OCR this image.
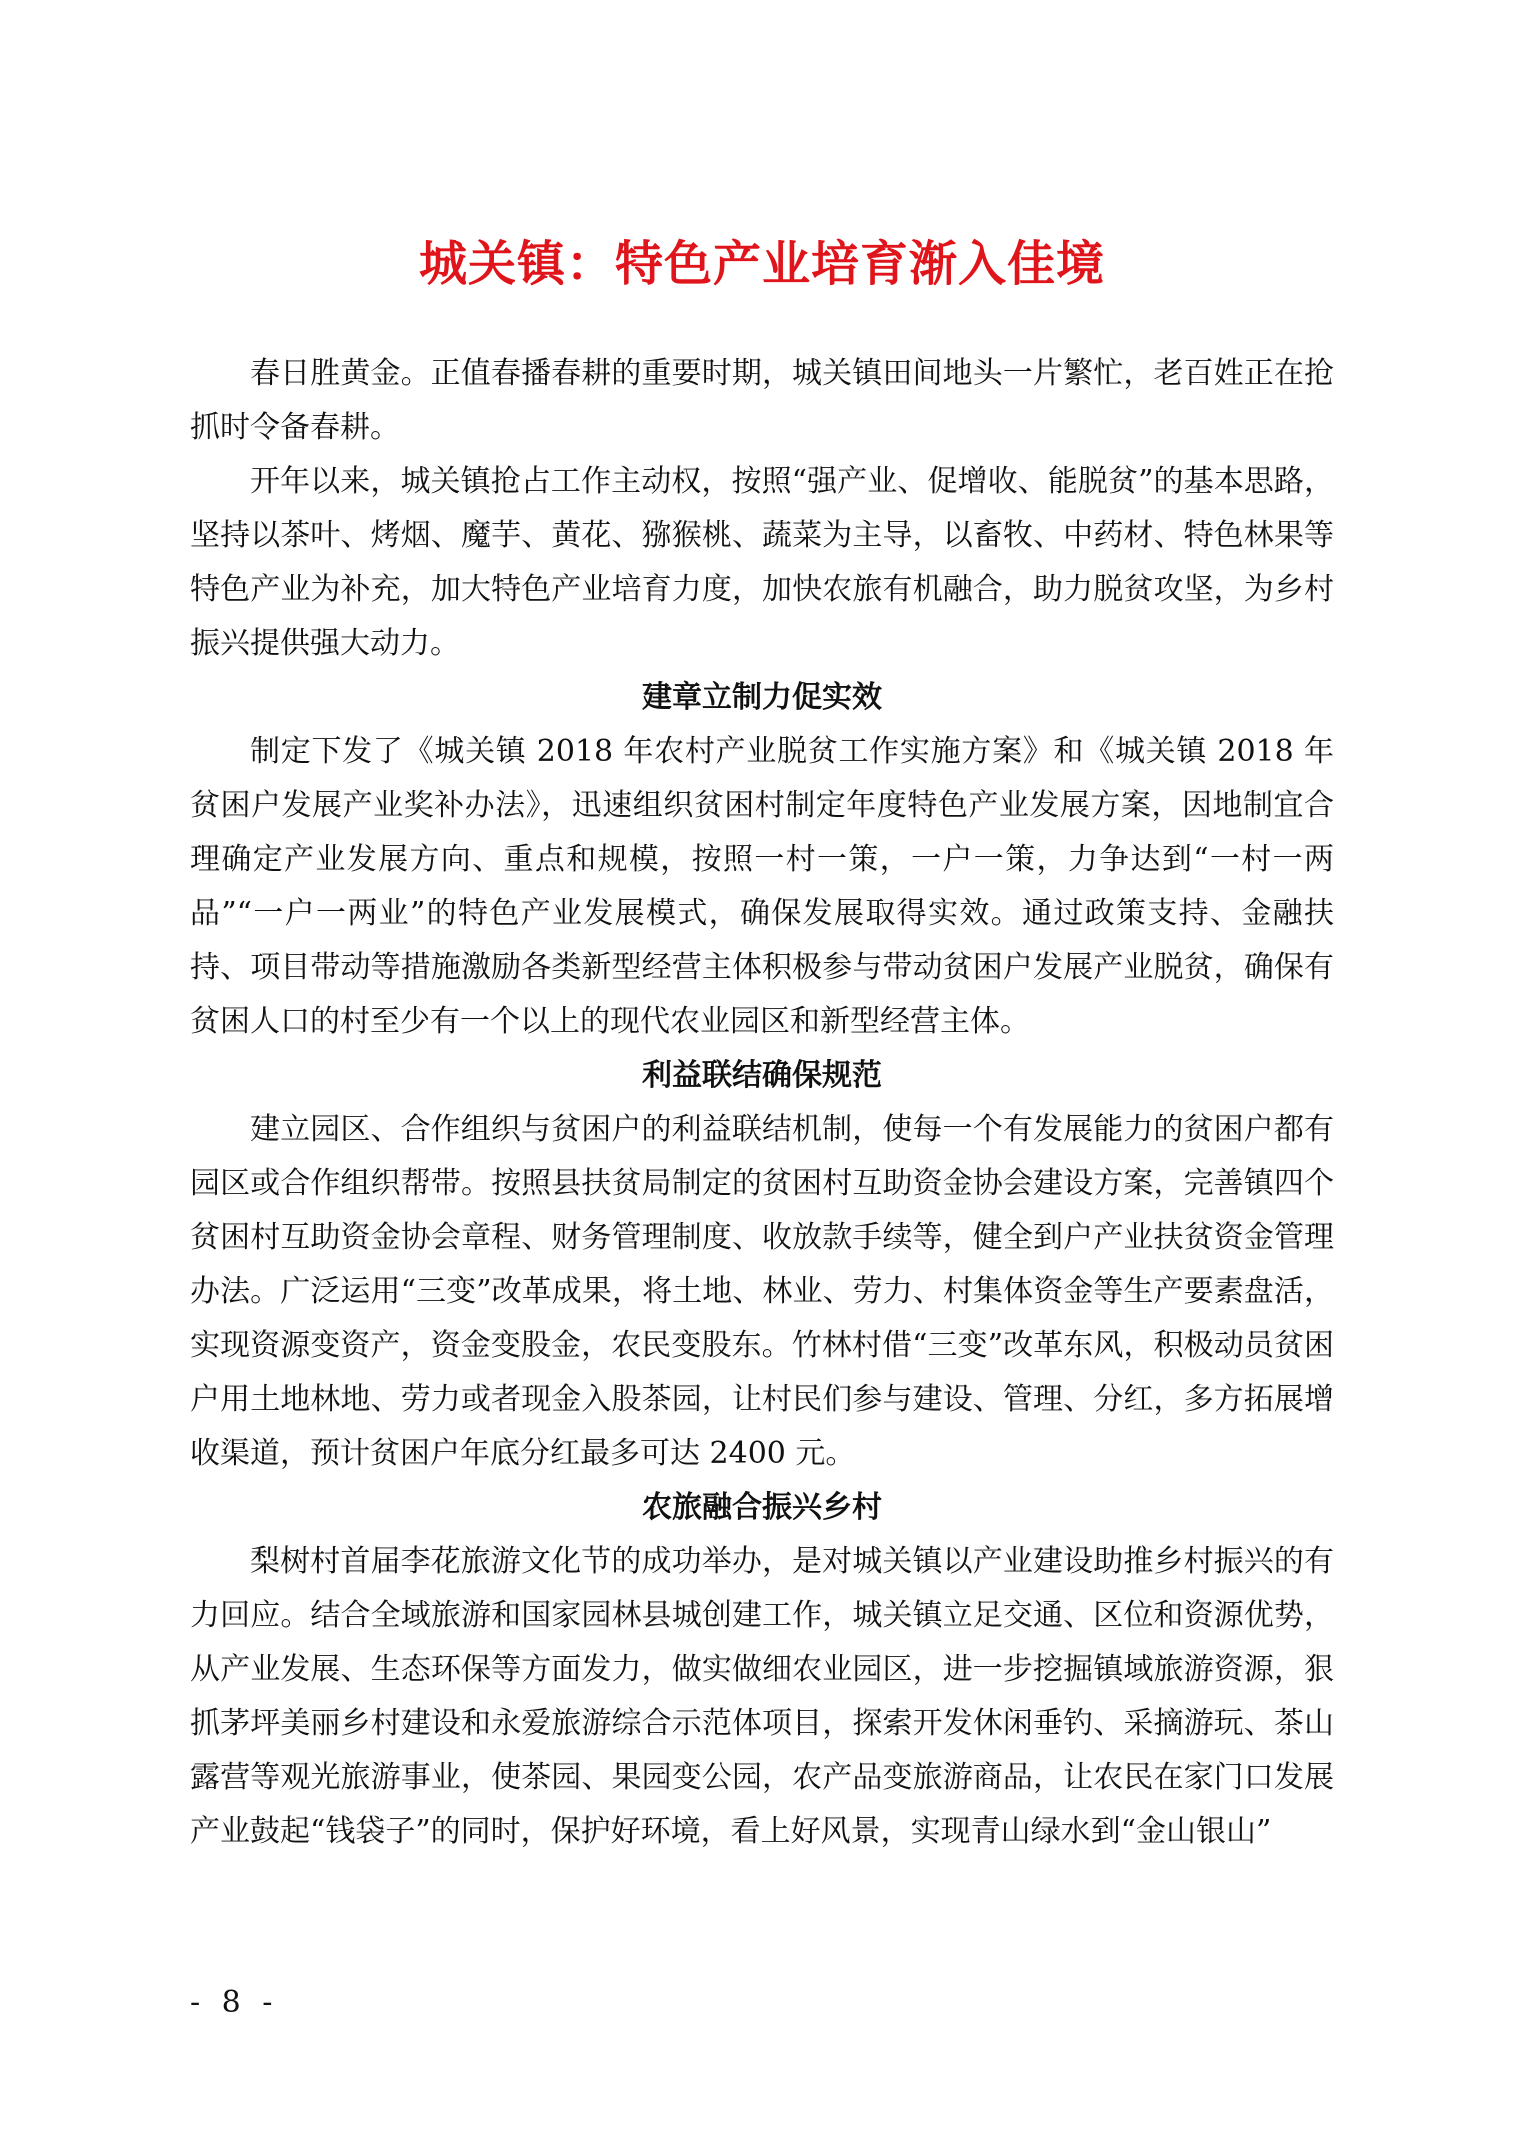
城关镇：特色产业培育渐入佳境

春日胜黄金。正值春播春耕的重要时期，城关镇田间地头一片繁忙，老百姓正在抢抓时令备春耕。

开年以来，城关镇抢占工作主动权，按照“强产业、促增收、能脱贫”的基本思路，坚持以茶叶、烤烟、魔芋、黄花、猕猴桃、蔬菜为主导，以畜牧、中药材、特色林果等特色产业为补充，加大特色产业培育力度，加快农旅有机融合，助力脱贫攻坚，为乡村振兴提供强大动力。

建章立制力促实效

制定下发了《城关镇 2018 年农村产业脱贫工作实施方案》和《城关镇 2018 年贫困户发展产业奖补办法》，迅速组织贫困村制定年度特色产业发展方案，因地制宜合理确定产业发展方向、重点和规模，按照一村一策，一户一策，力争达到“一村一两品”“一户一两业”的特色产业发展模式，确保发展取得实效。通过政策支持、金融扶持、项目带动等措施激励各类新型经营主体积极参与带动贫困户发展产业脱贫，确保有贫困人口的村至少有一个以上的现代农业园区和新型经营主体。

利益联结确保规范

建立园区、合作组织与贫困户的利益联结机制，使每一个有发展能力的贫困户都有园区或合作组织帮带。按照县扶贫局制定的贫困村互助资金协会建设方案，完善镇四个贫困村互助资金协会章程、财务管理制度、收放款手续等，健全到户产业扶贫资金管理办法。广泛运用“三变”改革成果，将土地、林业、劳力、村集体资金等生产要素盘活，实现资源变资产，资金变股金，农民变股东。竹林村借“三变”改革东风，积极动员贫困户用土地林地、劳力或者现金入股茶园，让村民们参与建设、管理、分红，多方拓展增收渠道，预计贫困户年底分红最多可达 2400 元。

农旅融合振兴乡村

梨树村首届李花旅游文化节的成功举办，是对城关镇以产业建设助推乡村振兴的有力回应。结合全域旅游和国家园林县城创建工作，城关镇立足交通、区位和资源优势，从产业发展、生态环保等方面发力，做实做细农业园区，进一步挖掘镇域旅游资源，狠抓茅坪美丽乡村建设和永爱旅游综合示范体项目，探索开发休闲垂钓、采摘游玩、茶山露营等观光旅游事业，使茶园、果园变公园，农产品变旅游商品，让农民在家门口发展产业鼓起“钱袋子”的同时，保护好环境，看上好风景，实现青山绿水到“金山银山”

- 8 -
